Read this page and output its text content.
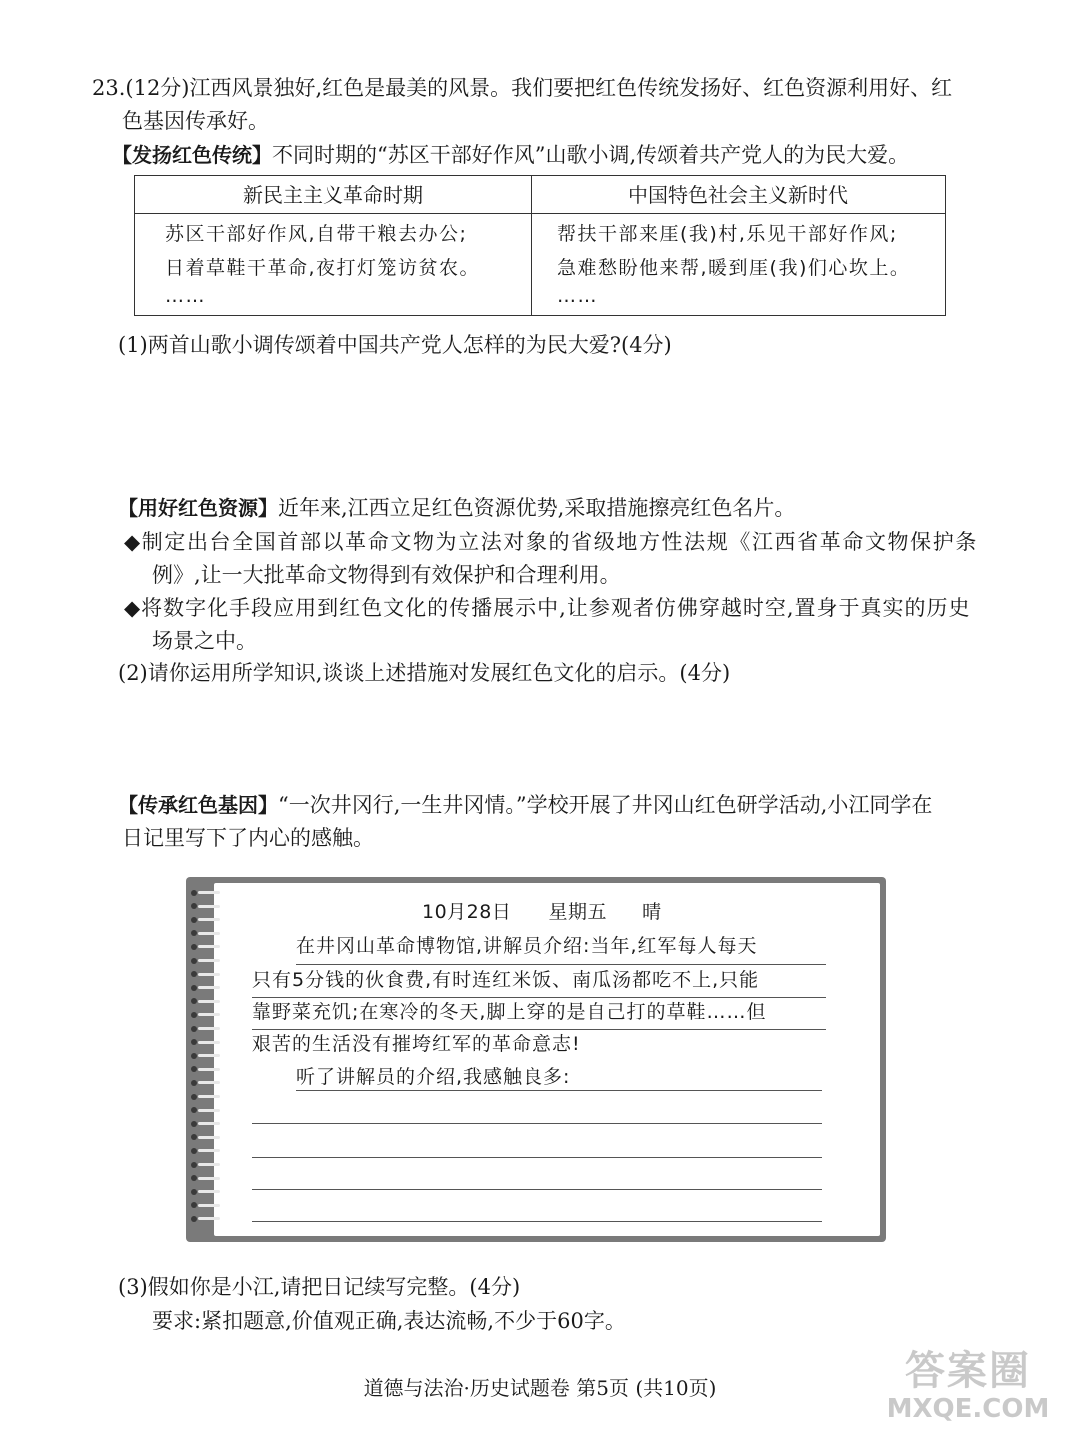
23.(12分)江西风景独好,红色是最美的风景。我们要把红色传统发扬好、红色资源利用好、红
色基因传承好。
【发扬红色传统】不同时期的“苏区干部好作风”山歌小调,传颂着共产党人的为民大爱。
新民主主义革命时期	中国特色社会主义新时代
苏区干部好作风,自带干粮去办公;
日着草鞋干革命,夜打灯笼访贫农。
……
帮扶干部来厓(我)村,乐见干部好作风;
急难愁盼他来帮,暖到厓(我)们心坎上。
……
(1)两首山歌小调传颂着中国共产党人怎样的为民大爱?(4分)
【用好红色资源】近年来,江西立足红色资源优势,采取措施擦亮红色名片。
◆制定出台全国首部以革命文物为立法对象的省级地方性法规《江西省革命文物保护条
例》,让一大批革命文物得到有效保护和合理利用。
◆将数字化手段应用到红色文化的传播展示中,让参观者仿佛穿越时空,置身于真实的历史
场景之中。
(2)请你运用所学知识,谈谈上述措施对发展红色文化的启示。(4分)
【传承红色基因】“一次井冈行,一生井冈情。”学校开展了井冈山红色研学活动,小江同学在
日记里写下了内心的感触。
10月28日 星期五 晴
在井冈山革命博物馆,讲解员介绍:当年,红军每人每天
只有5分钱的伙食费,有时连红米饭、南瓜汤都吃不上,只能
靠野菜充饥;在寒冷的冬天,脚上穿的是自己打的草鞋……但
艰苦的生活没有摧垮红军的革命意志!
听了讲解员的介绍,我感触良多:
(3)假如你是小江,请把日记续写完整。(4分)
要求:紧扣题意,价值观正确,表达流畅,不少于60字。
道德与法治·历史试题卷 第5页 (共10页)	答案圈
MXQE.COM
